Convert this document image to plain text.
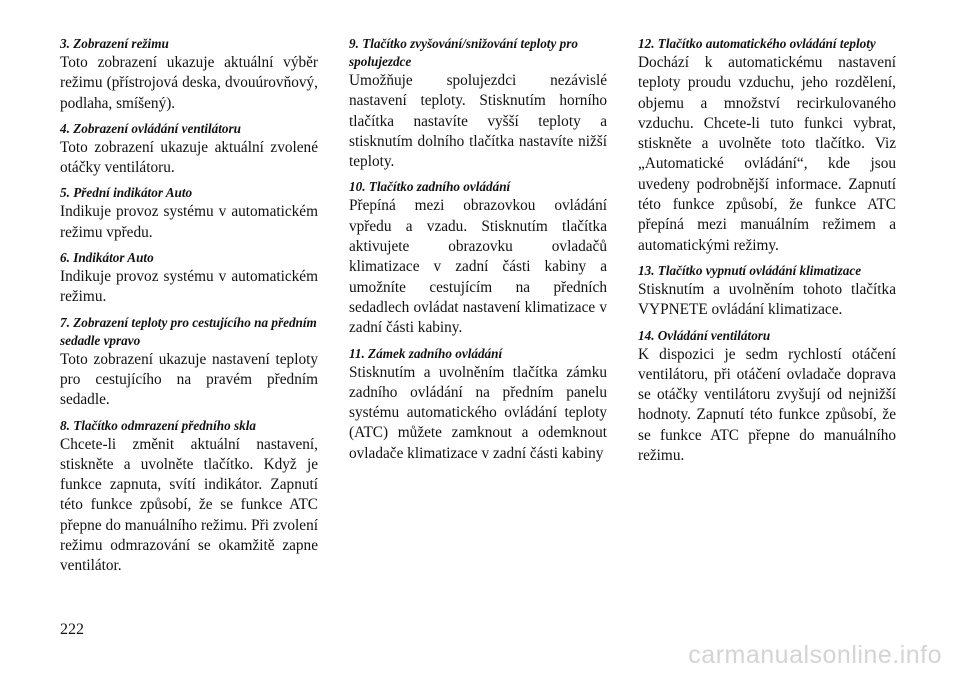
3. Zobrazení režimu

Toto zobrazení ukazuje aktuální výběr režimu (přístrojová deska, dvouúrovňový, podlaha, smíšený).

4. Zobrazení ovládání ventilátoru

Toto zobrazení ukazuje aktuální zvolené otáčky ventilátoru.

5. Přední indikátor Auto

Indikuje provoz systému v automatickém režimu vpředu.

6. Indikátor Auto

Indikuje provoz systému v automatickém režimu.

7. Zobrazení teploty pro cestujícího na předním sedadle vpravo

Toto zobrazení ukazuje nastavení teploty pro cestujícího na pravém předním sedadle.

8. Tlačítko odmrazení předního skla

Chcete-li změnit aktuální nastavení, stiskněte a uvolněte tlačítko. Když je funkce zapnuta, svítí indikátor. Zapnutí této funkce způsobí, že se funkce ATC přepne do manuálního režimu. Při zvolení režimu odmrazování se okamžitě zapne ventilátor.

9. Tlačítko zvyšování/snižování teploty pro spolujezdce

Umožňuje spolujezdci nezávislé nastavení teploty. Stisknutím horního tlačítka nastavíte vyšší teploty a stisknutím dolního tlačítka nastavíte nižší teploty.

10. Tlačítko zadního ovládání

Přepíná mezi obrazovkou ovládání vpředu a vzadu. Stisknutím tlačítka aktivujete obrazovku ovladačů klimatizace v zadní části kabiny a umožníte cestujícím na předních sedadlech ovládat nastavení klimatizace v zadní části kabiny.

11. Zámek zadního ovládání

Stisknutím a uvolněním tlačítka zámku zadního ovládání na předním panelu systému automatického ovládání teploty (ATC) můžete zamknout a odemknout ovladače klimatizace v zadní části kabiny

12. Tlačítko automatického ovládání teploty

Dochází k automatickému nastavení teploty proudu vzduchu, jeho rozdělení, objemu a množství recirkulovaného vzduchu. Chcete-li tuto funkci vybrat, stiskněte a uvolněte toto tlačítko. Viz „Automatické ovládání“, kde jsou uvedeny podrobnější informace. Zapnutí této funkce způsobí, že funkce ATC přepíná mezi manuálním režimem a automatickými režimy.

13. Tlačítko vypnutí ovládání klimatizace

Stisknutím a uvolněním tohoto tlačítka VYPNETE ovládání klimatizace.

14. Ovládání ventilátoru

K dispozici je sedm rychlostí otáčení ventilátoru, při otáčení ovladače doprava se otáčky ventilátoru zvyšují od nejnižší hodnoty. Zapnutí této funkce způsobí, že se funkce ATC přepne do manuálního režimu.

222
carmanualsonline.info
